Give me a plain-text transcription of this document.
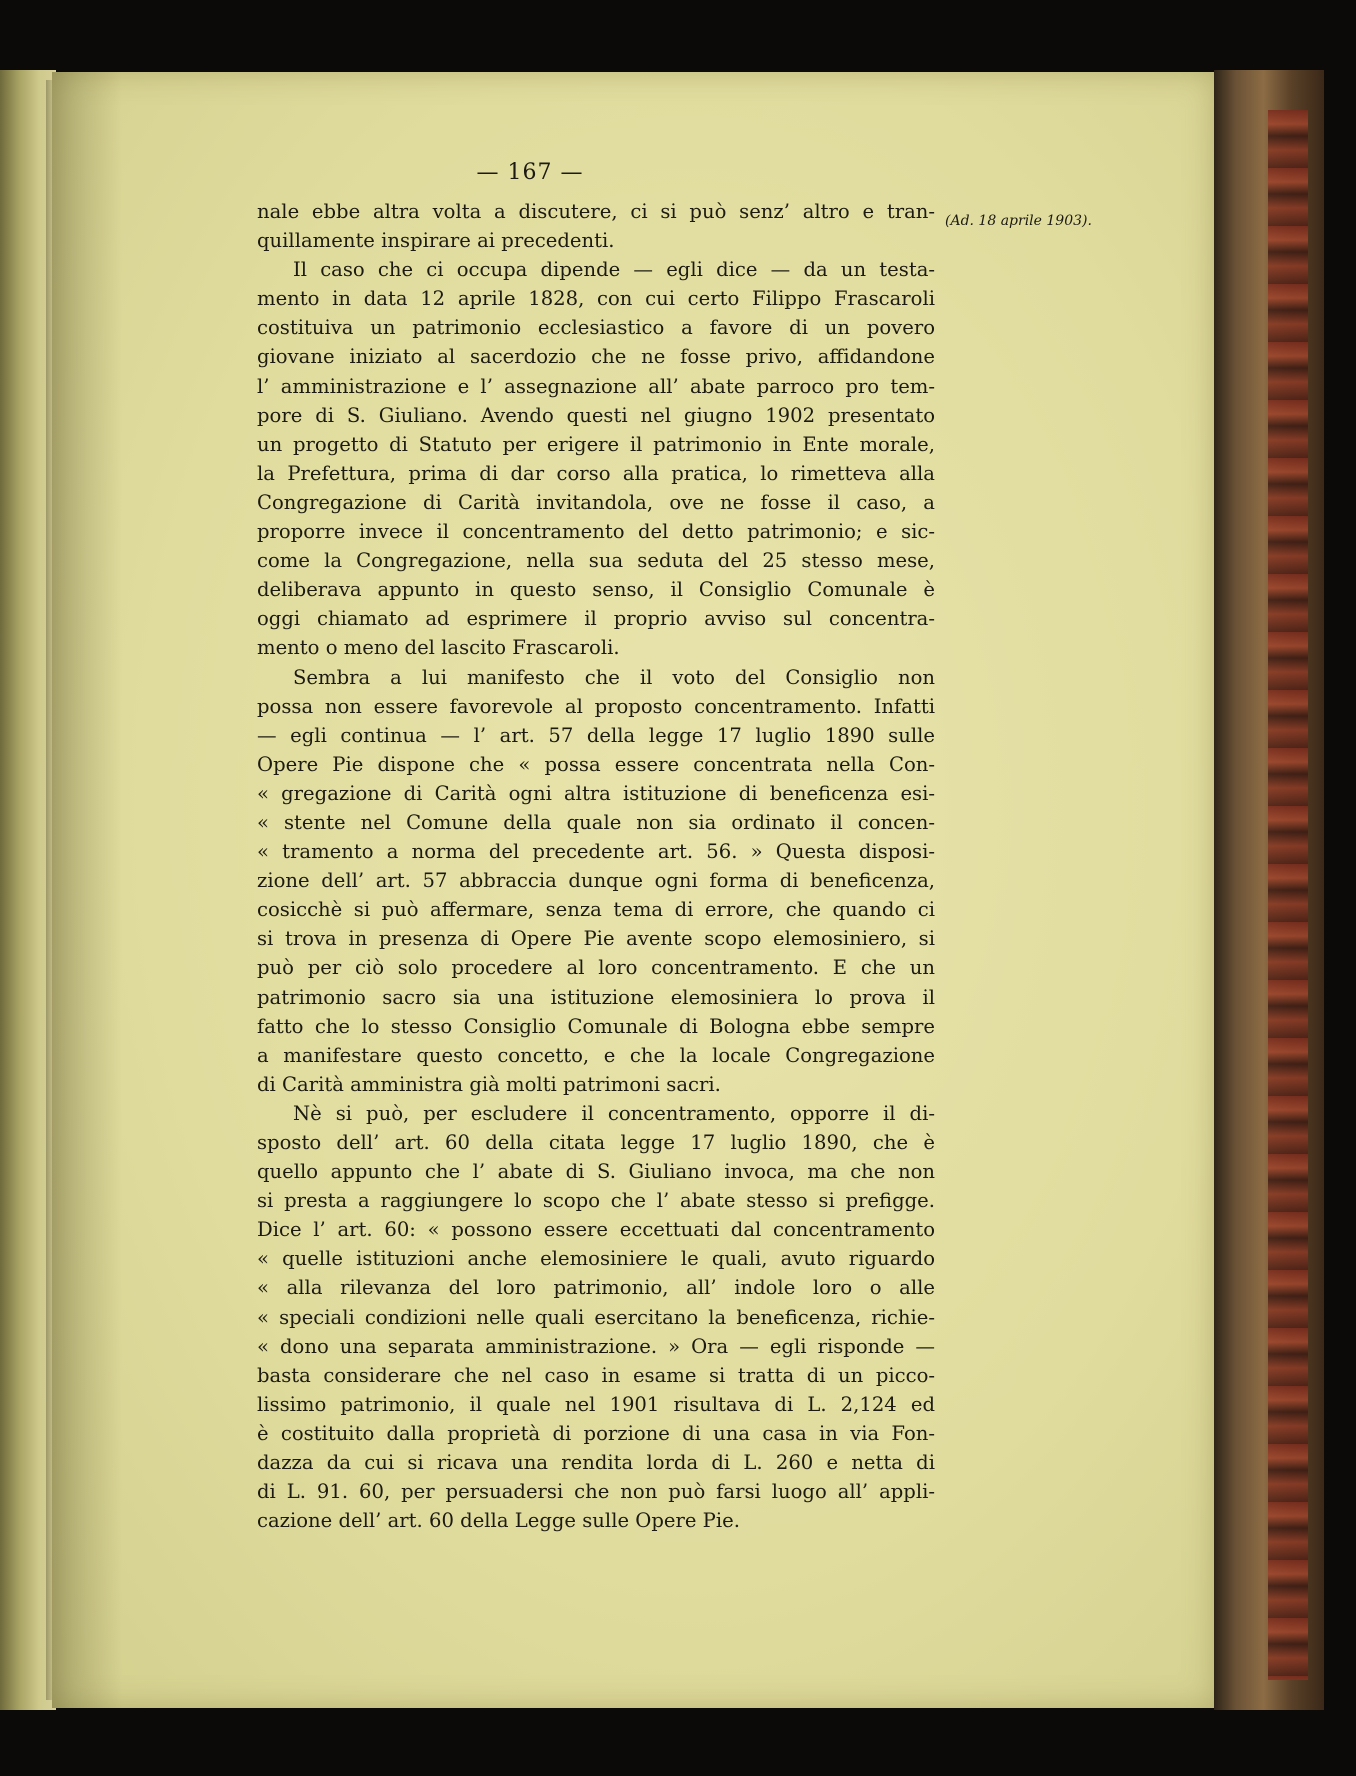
— 167 —
(Ad. 18 aprile 1903).
nale ebbe altra volta a discutere, ci si può senz’ altro e tran-
quillamente inspirare ai precedenti.
Il caso che ci occupa dipende — egli dice — da un testa-
mento in data 12 aprile 1828, con cui certo Filippo Frascaroli
costituiva un patrimonio ecclesiastico a favore di un povero
giovane iniziato al sacerdozio che ne fosse privo, affidandone
l’ amministrazione e l’ assegnazione all’ abate parroco pro tem-
pore di S. Giuliano. Avendo questi nel giugno 1902 presentato
un progetto di Statuto per erigere il patrimonio in Ente morale,
la Prefettura, prima di dar corso alla pratica, lo rimetteva alla
Congregazione di Carità invitandola, ove ne fosse il caso, a
proporre invece il concentramento del detto patrimonio; e sic-
come la Congregazione, nella sua seduta del 25 stesso mese,
deliberava appunto in questo senso, il Consiglio Comunale è
oggi chiamato ad esprimere il proprio avviso sul concentra-
mento o meno del lascito Frascaroli.
Sembra a lui manifesto che il voto del Consiglio non
possa non essere favorevole al proposto concentramento. Infatti
— egli continua — l’ art. 57 della legge 17 luglio 1890 sulle
Opere Pie dispone che « possa essere concentrata nella Con-
« gregazione di Carità ogni altra istituzione di beneficenza esi-
« stente nel Comune della quale non sia ordinato il concen-
« tramento a norma del precedente art. 56. » Questa disposi-
zione dell’ art. 57 abbraccia dunque ogni forma di beneficenza,
cosicchè si può affermare, senza tema di errore, che quando ci
si trova in presenza di Opere Pie avente scopo elemosiniero, si
può per ciò solo procedere al loro concentramento. E che un
patrimonio sacro sia una istituzione elemosiniera lo prova il
fatto che lo stesso Consiglio Comunale di Bologna ebbe sempre
a manifestare questo concetto, e che la locale Congregazione
di Carità amministra già molti patrimoni sacri.
Nè si può, per escludere il concentramento, opporre il di-
sposto dell’ art. 60 della citata legge 17 luglio 1890, che è
quello appunto che l’ abate di S. Giuliano invoca, ma che non
si presta a raggiungere lo scopo che l’ abate stesso si prefigge.
Dice l’ art. 60: « possono essere eccettuati dal concentramento
« quelle istituzioni anche elemosiniere le quali, avuto riguardo
« alla rilevanza del loro patrimonio, all’ indole loro o alle
« speciali condizioni nelle quali esercitano la beneficenza, richie-
« dono una separata amministrazione. » Ora — egli risponde —
basta considerare che nel caso in esame si tratta di un picco-
lissimo patrimonio, il quale nel 1901 risultava di L. 2,124 ed
è costituito dalla proprietà di porzione di una casa in via Fon-
dazza da cui si ricava una rendita lorda di L. 260 e netta di
di L. 91. 60, per persuadersi che non può farsi luogo all’ appli-
cazione dell’ art. 60 della Legge sulle Opere Pie.
